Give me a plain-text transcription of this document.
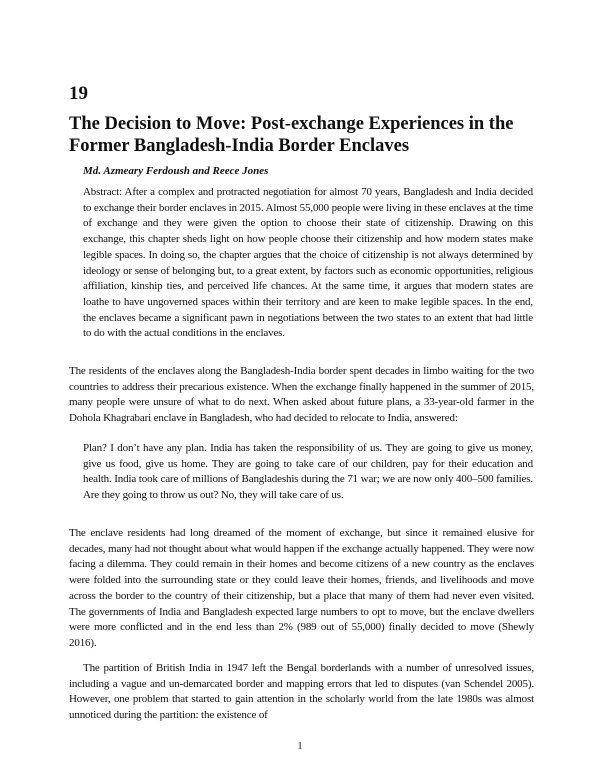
19
The Decision to Move: Post-exchange Experiences in the Former Bangladesh-India Border Enclaves
Md. Azmeary Ferdoush and Reece Jones

Abstract: After a complex and protracted negotiation for almost 70 years, Bangladesh and India decided to exchange their border enclaves in 2015. Almost 55,000 people were living in these enclaves at the time of exchange and they were given the option to choose their state of citizenship. Drawing on this exchange, this chapter sheds light on how people choose their citizenship and how modern states make legible spaces. In doing so, the chapter argues that the choice of citizenship is not always determined by ideology or sense of belonging but, to a great extent, by factors such as economic opportunities, religious affiliation, kinship ties, and perceived life chances. At the same time, it argues that modern states are loathe to have ungoverned spaces within their territory and are keen to make legible spaces. In the end, the enclaves became a significant pawn in negotiations between the two states to an extent that had little to do with the actual conditions in the enclaves.

The residents of the enclaves along the Bangladesh-India border spent decades in limbo waiting for the two countries to address their precarious existence. When the exchange finally happened in the summer of 2015, many people were unsure of what to do next. When asked about future plans, a 33-year-old farmer in the Dohola Khagrabari enclave in Bangladesh, who had decided to relocate to India, answered:

Plan? I don’t have any plan. India has taken the responsibility of us. They are going to give us money, give us food, give us home. They are going to take care of our children, pay for their education and health. India took care of millions of Bangladeshis during the 71 war; we are now only 400–500 families. Are they going to throw us out? No, they will take care of us.

The enclave residents had long dreamed of the moment of exchange, but since it remained elusive for decades, many had not thought about what would happen if the exchange actually happened. They were now facing a dilemma. They could remain in their homes and become citizens of a new country as the enclaves were folded into the surrounding state or they could leave their homes, friends, and livelihoods and move across the border to the country of their citizenship, but a place that many of them had never even visited. The governments of India and Bangladesh expected large numbers to opt to move, but the enclave dwellers were more conflicted and in the end less than 2% (989 out of 55,000) finally decided to move (Shewly 2016).

The partition of British India in 1947 left the Bengal borderlands with a number of unresolved issues, including a vague and un-demarcated border and mapping errors that led to disputes (van Schendel 2005). However, one problem that started to gain attention in the scholarly world from the late 1980s was almost unnoticed during the partition: the existence of

1
